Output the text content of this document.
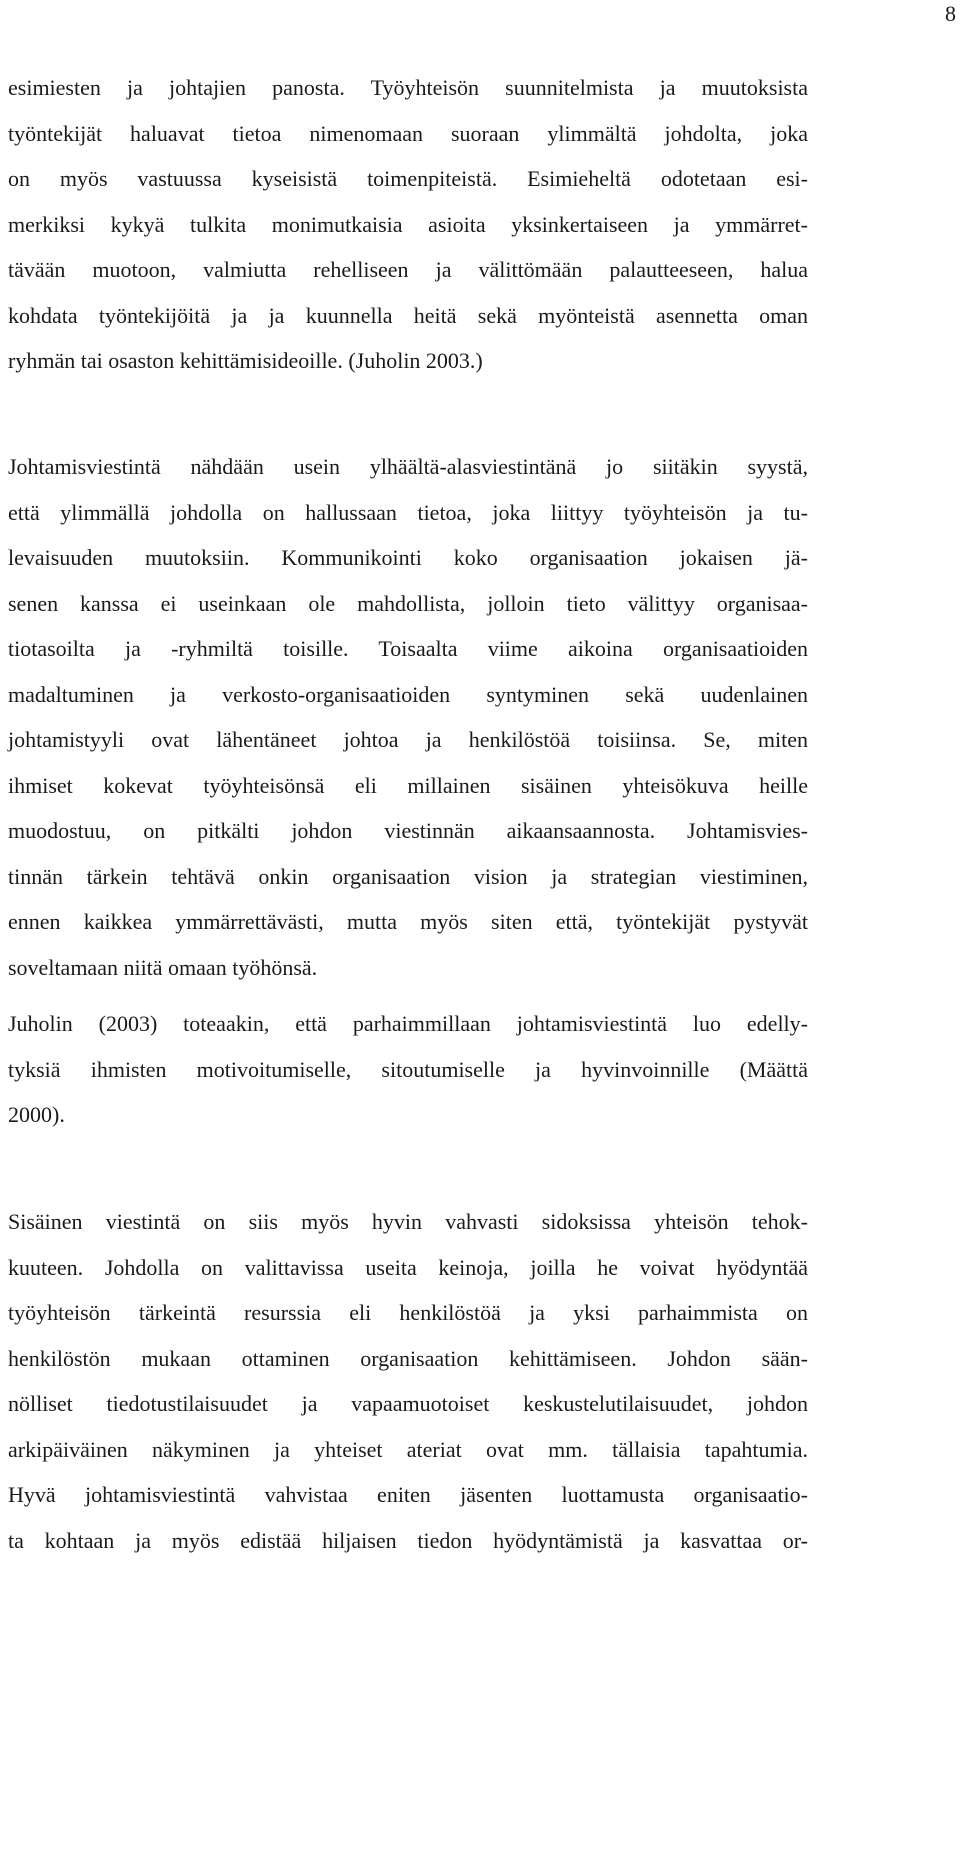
8
esimiesten ja johtajien panosta. Työyhteisön suunnitelmista ja muutoksista
työntekijät haluavat tietoa nimenomaan suoraan ylimmältä johdolta, joka
on myös vastuussa kyseisistä toimenpiteistä. Esimieheltä odotetaan esi-
merkiksi kykyä tulkita monimutkaisia asioita yksinkertaiseen ja ymmärret-
tävään muotoon, valmiutta rehelliseen ja välittömään palautteeseen, halua
kohdata työntekijöitä ja ja kuunnella heitä sekä myönteistä asennetta oman
ryhmän tai osaston kehittämisideoille. (Juholin 2003.)
Johtamisviestintä nähdään usein ylhäältä-alasviestintänä jo siitäkin syystä,
että ylimmällä johdolla on hallussaan tietoa, joka liittyy työyhteisön ja tu-
levaisuuden muutoksiin. Kommunikointi koko organisaation jokaisen jä-
senen kanssa ei useinkaan ole mahdollista, jolloin tieto välittyy organisaa-
tiotasoilta ja -ryhmiltä toisille. Toisaalta viime aikoina organisaatioiden
madaltuminen ja verkosto-organisaatioiden syntyminen sekä uudenlainen
johtamistyyli ovat lähentäneet johtoa ja henkilöstöä toisiinsa. Se, miten
ihmiset kokevat työyhteisönsä eli millainen sisäinen yhteisökuva heille
muodostuu, on pitkälti johdon viestinnän aikaansaannosta. Johtamisvies-
tinnän tärkein tehtävä onkin organisaation vision ja strategian viestiminen,
ennen kaikkea ymmärrettävästi, mutta myös siten että, työntekijät pystyvät
soveltamaan niitä omaan työhönsä.
Juholin (2003) toteaakin, että parhaimmillaan johtamisviestintä luo edelly-
tyksiä ihmisten motivoitumiselle, sitoutumiselle ja hyvinvoinnille (Määttä
2000).
Sisäinen viestintä on siis myös hyvin vahvasti sidoksissa yhteisön tehok-
kuuteen. Johdolla on valittavissa useita keinoja, joilla he voivat hyödyntää
työyhteisön tärkeintä resurssia eli henkilöstöä ja yksi parhaimmista on
henkilöstön mukaan ottaminen organisaation kehittämiseen. Johdon sään-
nölliset tiedotustilaisuudet ja vapaamuotoiset keskustelutilaisuudet, johdon
arkipäiväinen näkyminen ja yhteiset ateriat ovat mm. tällaisia tapahtumia.
Hyvä johtamisviestintä vahvistaa eniten jäsenten luottamusta organisaatio-
ta kohtaan ja myös edistää hiljaisen tiedon hyödyntämistä ja kasvattaa or-
